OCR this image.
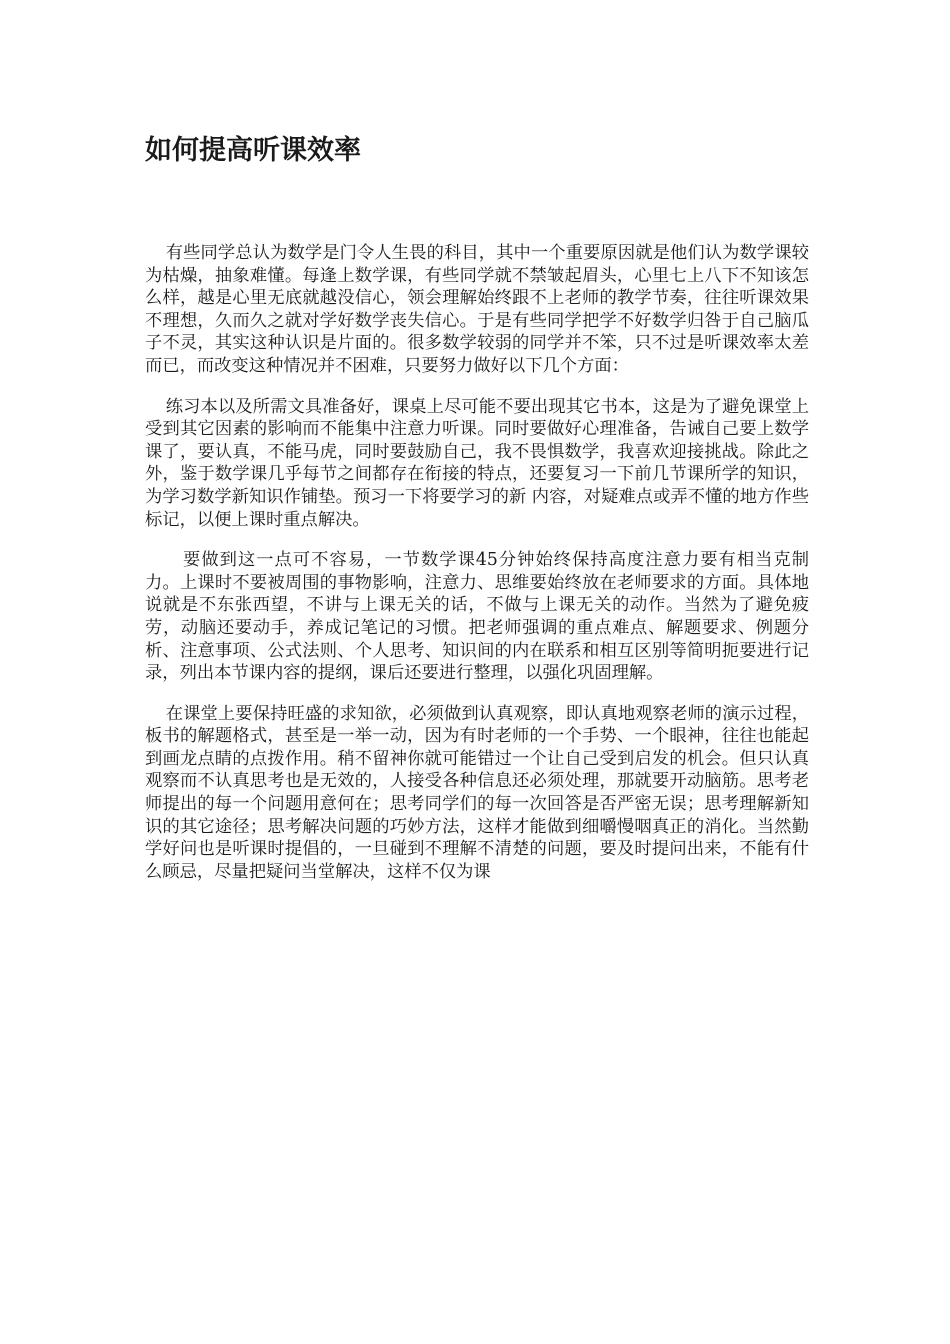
如何提高听课效率

有些同学总认为数学是门令人生畏的科目，其中一个重要原因就是他们认为数学课较为枯燥，抽象难懂。每逢上数学课，有些同学就不禁皱起眉头，心里七上八下不知该怎么样，越是心里无底就越没信心，领会理解始终跟不上老师的教学节奏，往往听课效果不理想，久而久之就对学好数学丧失信心。于是有些同学把学不好数学归咎于自己脑瓜子不灵，其实这种认识是片面的。很多数学较弱的同学并不笨，只不过是听课效率太差而已，而改变这种情况并不困难，只要努力做好以下几个方面：

练习本以及所需文具准备好，课桌上尽可能不要出现其它书本，这是为了避免课堂上受到其它因素的影响而不能集中注意力听课。同时要做好心理准备，告诫自己要上数学课了，要认真，不能马虎，同时要鼓励自己，我不畏惧数学，我喜欢迎接挑战。除此之外，鉴于数学课几乎每节之间都存在衔接的特点，还要复习一下前几节课所学的知识，为学习数学新知识作铺垫。预习一下将要学习的新 内容，对疑难点或弄不懂的地方作些标记，以便上课时重点解决。

要做到这一点可不容易，一节数学课45分钟始终保持高度注意力要有相当克制力。上课时不要被周围的事物影响，注意力、思维要始终放在老师要求的方面。具体地说就是不东张西望，不讲与上课无关的话，不做与上课无关的动作。当然为了避免疲劳，动脑还要动手，养成记笔记的习惯。把老师强调的重点难点、解题要求、例题分析、注意事项、公式法则、个人思考、知识间的内在联系和相互区别等简明扼要进行记录，列出本节课内容的提纲，课后还要进行整理，以强化巩固理解。

在课堂上要保持旺盛的求知欲，必须做到认真观察，即认真地观察老师的演示过程，板书的解题格式，甚至是一举一动，因为有时老师的一个手势、一个眼神，往往也能起到画龙点睛的点拨作用。稍不留神你就可能错过一个让自己受到启发的机会。但只认真观察而不认真思考也是无效的，人接受各种信息还必须处理，那就要开动脑筋。思考老师提出的每一个问题用意何在；思考同学们的每一次回答是否严密无误；思考理解新知识的其它途径；思考解决问题的巧妙方法，这样才能做到细嚼慢咽真正的消化。当然勤学好问也是听课时提倡的，一旦碰到不理解不清楚的问题，要及时提问出来，不能有什么顾忌，尽量把疑问当堂解决，这样不仅为课
